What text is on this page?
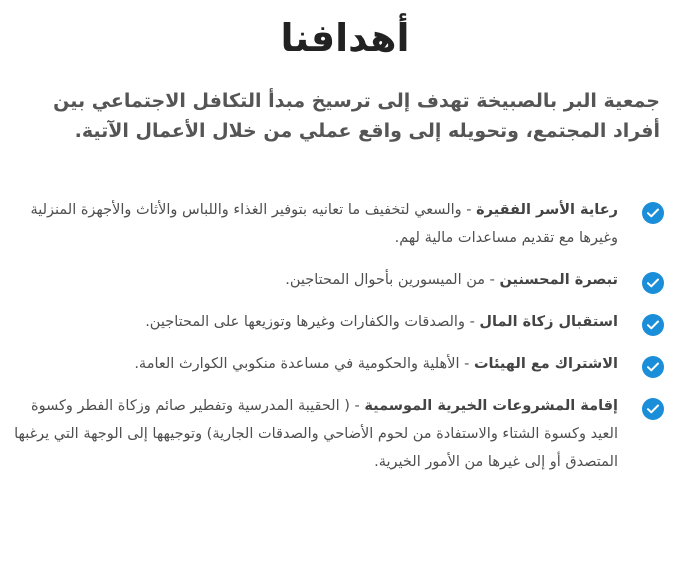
أهدافنا

جمعية البر بالصبيخة تهدف إلى ترسيخ مبدأ التكافل الاجتماعي بين أفراد المجتمع، وتحويله إلى واقع عملي من خلال الأعمال الآتية.

رعاية الأسر الفقيرة - والسعي لتخفيف ما تعانيه بتوفير الغذاء واللباس والأثاث والأجهزة المنزلية وغيرها مع تقديم مساعدات مالية لهم.
تبصرة المحسنين - من الميسورين بأحوال المحتاجين.
استقبال زكاة المال - والصدقات والكفارات وغيرها وتوزيعها على المحتاجين.
الاشتراك مع الهيئات - الأهلية والحكومية في مساعدة منكوبي الكوارث العامة.
إقامة المشروعات الخيرية الموسمية - ( الحقيبة المدرسية وتفطير صائم وزكاة الفطر وكسوة العيد وكسوة الشتاء والاستفادة من لحوم الأضاحي والصدقات الجارية) وتوجيهها إلى الوجهة التي يرغبها المتصدق أو إلى غيرها من الأمور الخيرية.
